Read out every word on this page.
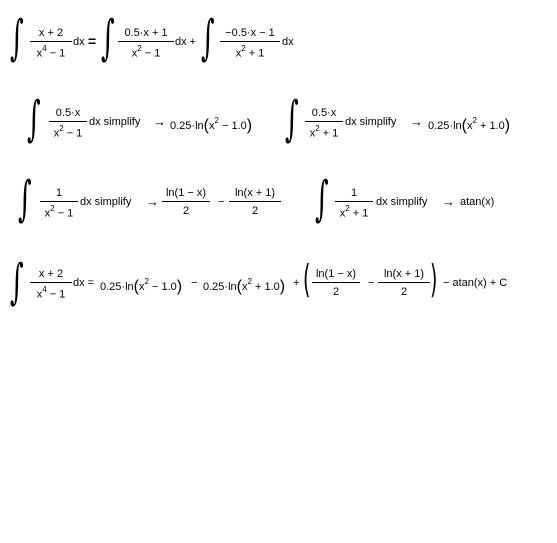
∫	x + 2
$x^4 - 1$
dx = ∫ 0.5·x + 1
$x^2 - 1$
dx + ∫ −0.5·x − 1
$x^2 + 1$
dx
∫	0.5·x
$x^2 - 1$
dx simplify → $0.25\cdot\ln(x^2 - 1.0)$ ∫	0.5·x
$x^2 + 1$
dx simplify → $0.25\cdot\ln(x^2 + 1.0)$
∫	1
$x^2 - 1$
dx simplify →
ln(1 − x)
2
−
ln(x + 1)
2	∫	1
$x^2 + 1$
dx simplify → atan(x)
∫	x + 2
$x^4 - 1$
dx = $0.25\cdot\ln(x^2 - 1.0) - 0.25\cdot\ln(x^2 + 1.0)$ + ( ln(1 − x)
2
−
ln(x + 1)
2 ) − atan(x) + C
